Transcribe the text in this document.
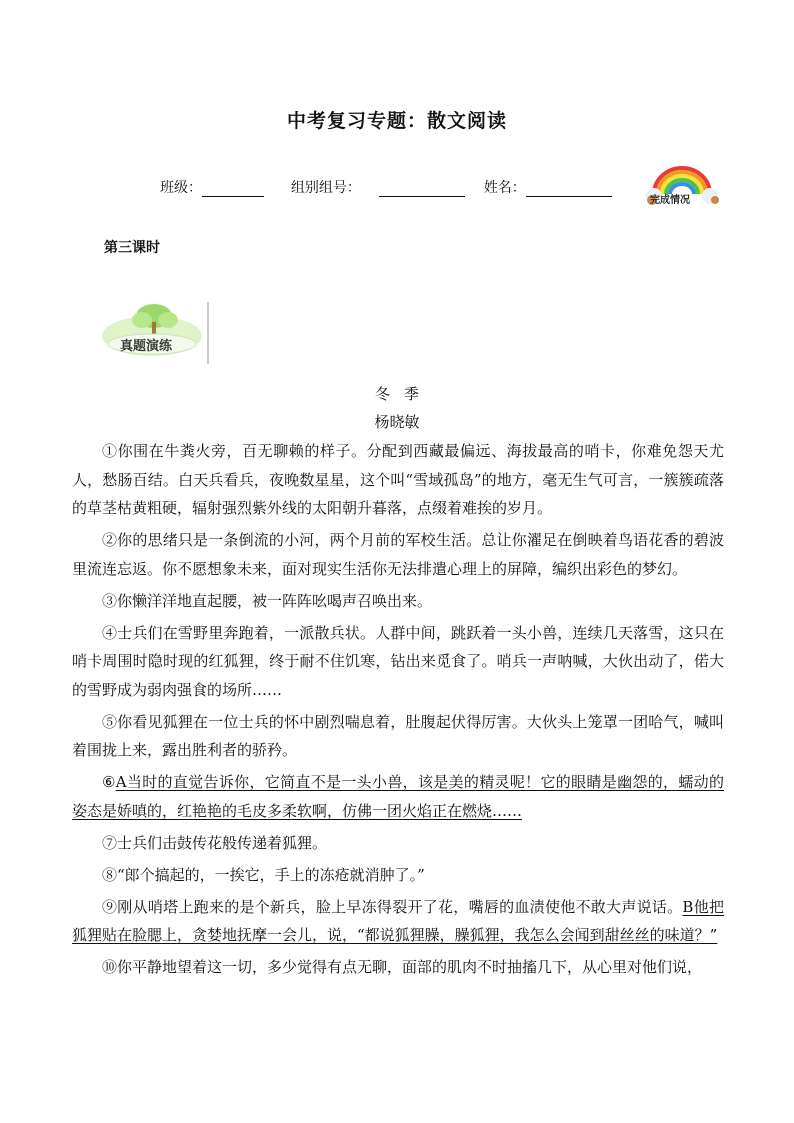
中考复习专题：散文阅读
班级：	组别组号：	姓名：
完成情况
第三课时
真题演练
冬季
杨晓敏

①你围在牛粪火旁，百无聊赖的样子。分配到西藏最偏远、海拔最高的哨卡，你难免怨天尤人，愁肠百结。白天兵看兵，夜晚数星星，这个叫“雪域孤岛”的地方，毫无生气可言，一簇簇疏落的草茎枯黄粗硬，辐射强烈紫外线的太阳朝升暮落，点缀着难挨的岁月。

②你的思绪只是一条倒流的小河，两个月前的军校生活。总让你濯足在倒映着鸟语花香的碧波里流连忘返。你不愿想象未来，面对现实生活你无法排遣心理上的屏障，编织出彩色的梦幻。

③你懒洋洋地直起腰，被一阵阵吆喝声召唤出来。

④士兵们在雪野里奔跑着，一派散兵状。人群中间，跳跃着一头小兽，连续几天落雪，这只在哨卡周围时隐时现的红狐狸，终于耐不住饥寒，钻出来觅食了。哨兵一声呐喊，大伙出动了，偌大的雪野成为弱肉强食的场所……

⑤你看见狐狸在一位士兵的怀中剧烈喘息着，肚腹起伏得厉害。大伙头上笼罩一团哈气，喊叫着围拢上来，露出胜利者的骄矜。

⑥A当时的直觉告诉你，它简直不是一头小兽，该是美的精灵呢！它的眼睛是幽怨的，蠕动的姿态是娇嗔的，红艳艳的毛皮多柔软啊，仿佛一团火焰正在燃烧……

⑦士兵们击鼓传花般传递着狐狸。

⑧“郎个搞起的，一挨它，手上的冻疮就消肿了。”

⑨刚从哨塔上跑来的是个新兵，脸上早冻得裂开了花，嘴唇的血渍使他不敢大声说话。B他把狐狸贴在脸腮上，贪婪地抚摩一会儿，说，“都说狐狸臊，臊狐狸，我怎么会闻到甜丝丝的味道？”

⑩你平静地望着这一切，多少觉得有点无聊，面部的肌肉不时抽搐几下，从心里对他们说，
